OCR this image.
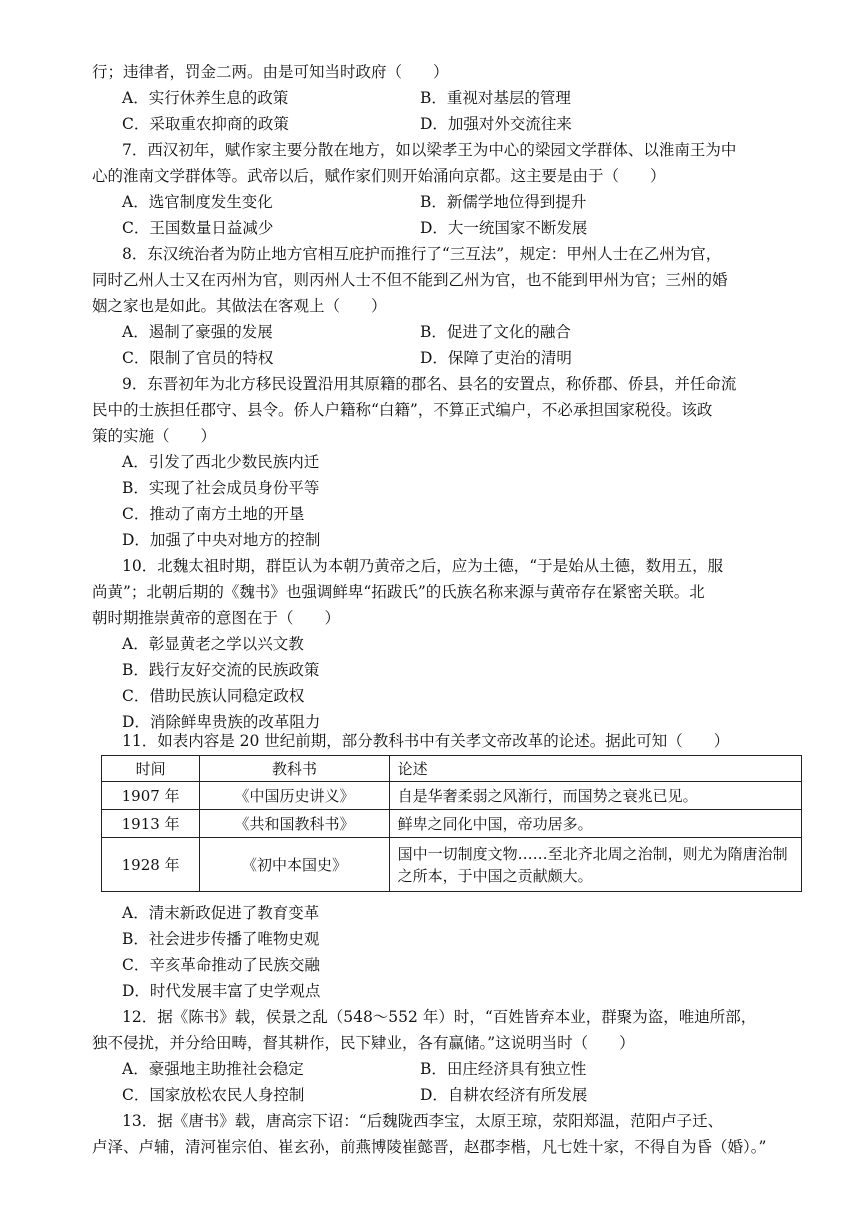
行；违律者，罚金二两。由是可知当时政府（　　）
A．实行休养生息的政策	B．重视对基层的管理
C．采取重农抑商的政策	D．加强对外交流往来
7．西汉初年，赋作家主要分散在地方，如以梁孝王为中心的梁园文学群体、以淮南王为中
心的淮南文学群体等。武帝以后，赋作家们则开始涌向京都。这主要是由于（　　）
A．选官制度发生变化	B．新儒学地位得到提升
C．王国数量日益减少	D．大一统国家不断发展
8．东汉统治者为防止地方官相互庇护而推行了“三互法”，规定：甲州人士在乙州为官，
同时乙州人士又在丙州为官，则丙州人士不但不能到乙州为官，也不能到甲州为官；三州的婚
姻之家也是如此。其做法在客观上（　　）
A．遏制了豪强的发展	B．促进了文化的融合
C．限制了官员的特权	D．保障了吏治的清明
9．东晋初年为北方移民设置沿用其原籍的郡名、县名的安置点，称侨郡、侨县，并任命流
民中的士族担任郡守、县令。侨人户籍称“白籍”，不算正式编户，不必承担国家税役。该政
策的实施（　　）
A．引发了西北少数民族内迁
B．实现了社会成员身份平等
C．推动了南方土地的开垦
D．加强了中央对地方的控制
10．北魏太祖时期，群臣认为本朝乃黄帝之后，应为土德，“于是始从土德，数用五，服
尚黄”；北朝后期的《魏书》也强调鲜卑“拓跋氏”的氏族名称来源与黄帝存在紧密关联。北
朝时期推崇黄帝的意图在于（　　）
A．彰显黄老之学以兴文教
B．践行友好交流的民族政策
C．借助民族认同稳定政权
D．消除鲜卑贵族的改革阻力
11．如表内容是 20 世纪前期，部分教科书中有关孝文帝改革的论述。据此可知（　　）
A．清末新政促进了教育变革
B．社会进步传播了唯物史观
C．辛亥革命推动了民族交融
D．时代发展丰富了史学观点
12．据《陈书》载，侯景之乱（548～552 年）时，“百姓皆弃本业，群聚为盗，唯迪所部，
独不侵扰，并分给田畴，督其耕作，民下肄业，各有赢储。”这说明当时（　　）
A．豪强地主助推社会稳定	B．田庄经济具有独立性
C．国家放松农民人身控制	D．自耕农经济有所发展
13．据《唐书》载，唐高宗下诏：“后魏陇西李宝，太原王琼，荥阳郑温，范阳卢子迁、
卢泽、卢辅，清河崔宗伯、崔玄孙，前燕博陵崔懿晋，赵郡李楷，凡七姓十家，不得自为昏（婚）。”
时间	教科书	论述
1907 年	《中国历史讲义》	自是华奢柔弱之风渐行，而国势之衰兆已见。
1913 年	《共和国教科书》	鲜卑之同化中国，帝功居多。
1928 年	《初中本国史》	国中一切制度文物……至北齐北周之治制，则尤为隋唐治制之所本，于中国之贡献颇大。
